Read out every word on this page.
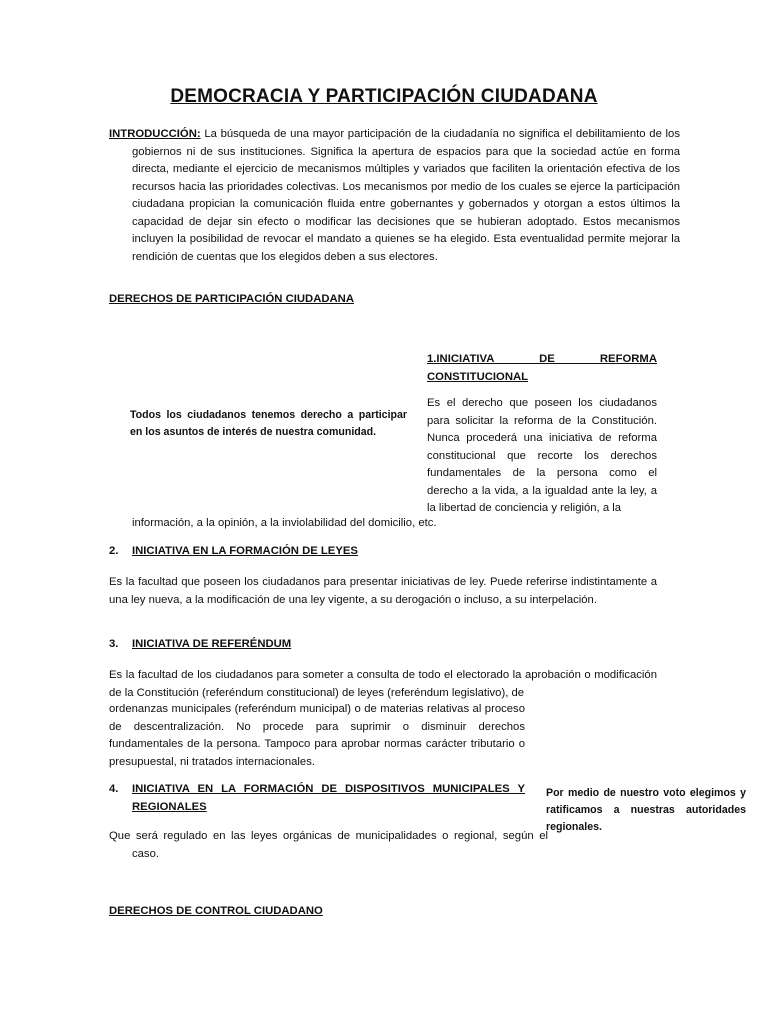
DEMOCRACIA Y PARTICIPACIÓN CIUDADANA

INTRODUCCIÓN: La búsqueda de una mayor participación de la ciudadanía no significa el debilitamiento de los gobiernos ni de sus instituciones. Significa la apertura de espacios para que la sociedad actúe en forma directa, mediante el ejercicio de mecanismos múltiples y variados que faciliten la orientación efectiva de los recursos hacia las prioridades colectivas. Los mecanismos por medio de los cuales se ejerce la participación ciudadana propician la comunicación fluida entre gobernantes y gobernados y otorgan a estos últimos la capacidad de dejar sin efecto o modificar las decisiones que se hubieran adoptado. Estos mecanismos incluyen la posibilidad de revocar el mandato a quienes se ha elegido. Esta eventualidad permite mejorar la rendición de cuentas que los elegidos deben a sus electores.

DERECHOS DE PARTICIPACIÓN CIUDADANA

1.INICIATIVA DE REFORMA
CONSTITUCIONAL

Todos los ciudadanos tenemos derecho a participar en los asuntos de interés de nuestra comunidad.

Es el derecho que poseen los ciudadanos para solicitar la reforma de la Constitución. Nunca procederá una iniciativa de reforma constitucional que recorte los derechos fundamentales de la persona como el derecho a la vida, a la igualdad ante la ley, a la libertad de conciencia y religión, a la

información, a la opinión, a la inviolabilidad del domicilio, etc.

2. INICIATIVA EN LA FORMACIÓN DE LEYES

Es la facultad que poseen los ciudadanos para presentar iniciativas de ley. Puede referirse indistintamente a una ley nueva, a la modificación de una ley vigente, a su derogación o incluso, a su interpelación.

3. INICIATIVA DE REFERÉNDUM

Es la facultad de los ciudadanos para someter a consulta de todo el electorado la aprobación o modificación de la Constitución (referéndum constitucional) de leyes (referéndum legislativo), de

ordenanzas municipales (referéndum municipal) o de materias relativas al proceso de descentralización. No procede para suprimir o disminuir derechos fundamentales de la persona. Tampoco para aprobar normas carácter tributario o presupuestal, ni tratados internacionales.

4. INICIATIVA EN LA FORMACIÓN DE DISPOSITIVOS MUNICIPALES Y
REGIONALES

Por medio de nuestro voto elegimos y ratificamos a nuestras autoridades regionales.

Que será regulado en las leyes orgánicas de municipalidades o regional, según el caso.

DERECHOS DE CONTROL CIUDADANO
